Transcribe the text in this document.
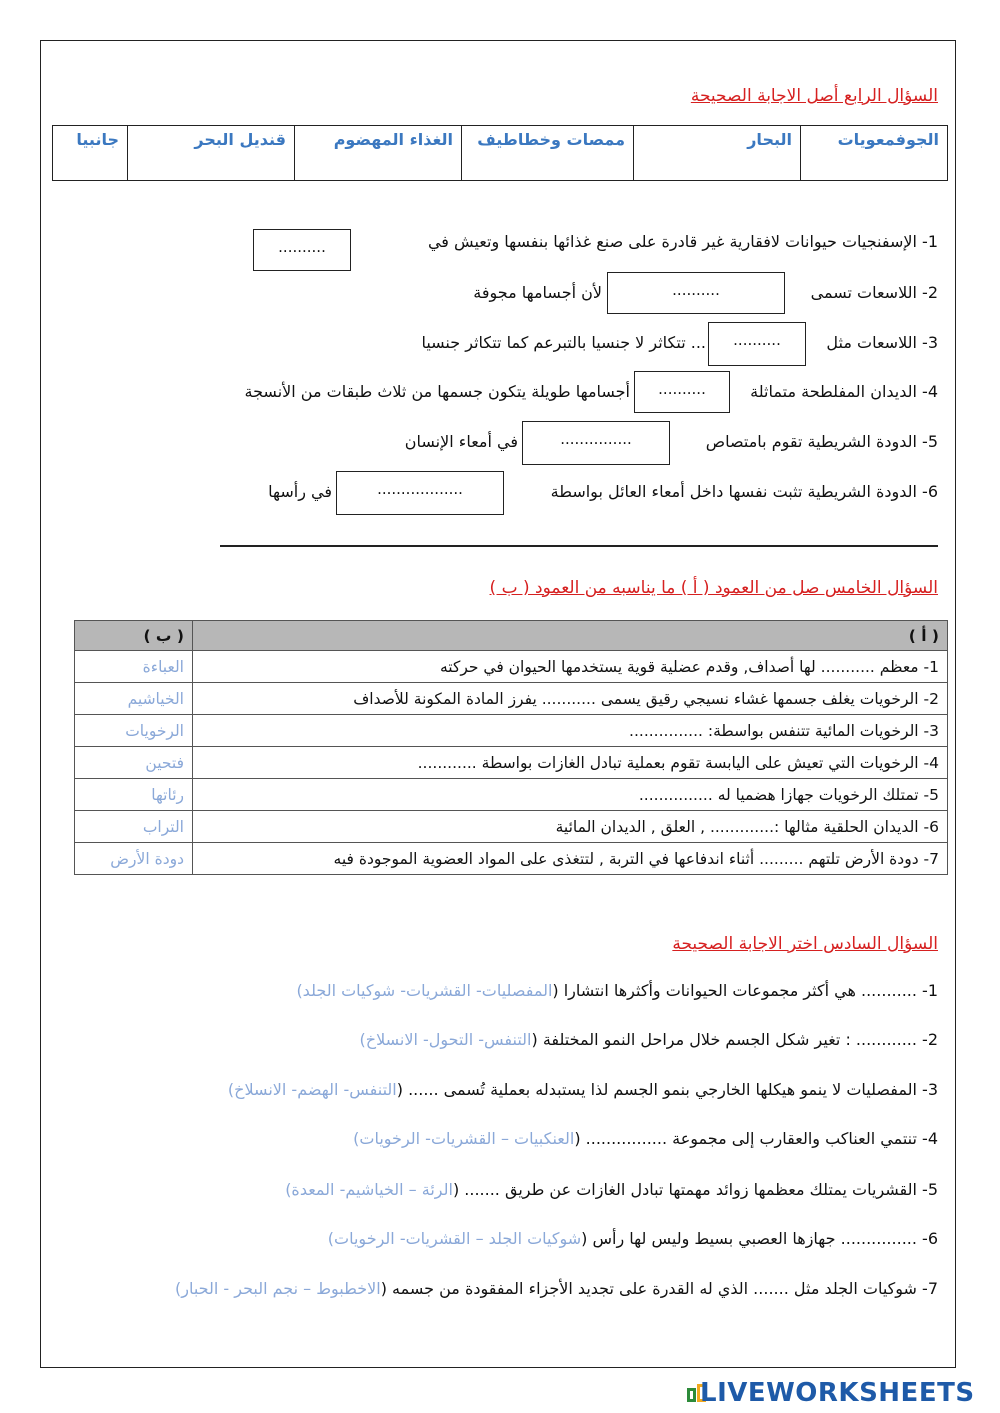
السؤال الرابع أصل الاجابة الصحيحة
الجوفمعويات	البحار	ممصات وخطاطيف	الغذاء المهضوم	قنديل البحر	جانبيا
1- الإسفنجيات حيوانات لافقارية غير قادرة على صنع غذائها بنفسها وتعيش في
..........
2- اللاسعات تسمى
..........
لأن أجسامها مجوفة
3- اللاسعات مثل
..........
... تتكاثر لا جنسيا بالتبرعم كما تتكاثر جنسيا
4- الديدان المفلطحة متماثلة
..........
أجسامها طويلة يتكون جسمها من ثلاث طبقات من الأنسجة
5- الدودة الشريطية تقوم بامتصاص
...............
في أمعاء الإنسان
6- الدودة الشريطية تثبت نفسها داخل أمعاء العائل بواسطة
..................
في رأسها
السؤال الخامس صل من العمود ( أ ) ما يناسبه من العمود ( ب )
( أ )	( ب )
1- معظم ........... لها أصداف, وقدم عضلية قوية يستخدمها الحيوان في حركته	العباءة
2- الرخويات يغلف جسمها غشاء نسيجي رقيق يسمى ........... يفرز المادة المكونة للأصداف	الخياشيم
3- الرخويات المائية تتنفس بواسطة: ...............	الرخويات
4- الرخويات التي تعيش على اليابسة تقوم بعملية تبادل الغازات بواسطة ............	فتحين
5- تمتلك الرخويات جهازا هضميا له ...............	رئاتها
6- الديدان الحلقية مثالها :............. , العلق , الديدان المائية	التراب
7- دودة الأرض تلتهم ......... أثناء اندفاعها في التربة , لتتغذى على المواد العضوية الموجودة فيه	دودة الأرض
السؤال السادس اختر الاجابة الصحيحة
1- ........... هي أكثر مجموعات الحيوانات وأكثرها انتشارا (المفصليات- القشريات- شوكيات الجلد)
2- ............ : تغير شكل الجسم خلال مراحل النمو المختلفة (التنفس- التحول- الانسلاخ)
3- المفصليات لا ينمو هيكلها الخارجي بنمو الجسم لذا يستبدله بعملية تُسمى ...... (التنفس- الهضم- الانسلاخ)
4- تنتمي العناكب والعقارب إلى مجموعة ................ (العنكبيات – القشريات- الرخويات)
5- القشريات يمتلك معظمها زوائد مهمتها تبادل الغازات عن طريق ....... (الرئة – الخياشيم- المعدة)
6- ............... جهازها العصبي بسيط وليس لها رأس (شوكيات الجلد – القشريات- الرخويات)
7- شوكيات الجلد مثل ....... الذي له القدرة على تجديد الأجزاء المفقودة من جسمه (الاخطبوط – نجم البحر - الحبار)
LIVEWORKSHEETS
